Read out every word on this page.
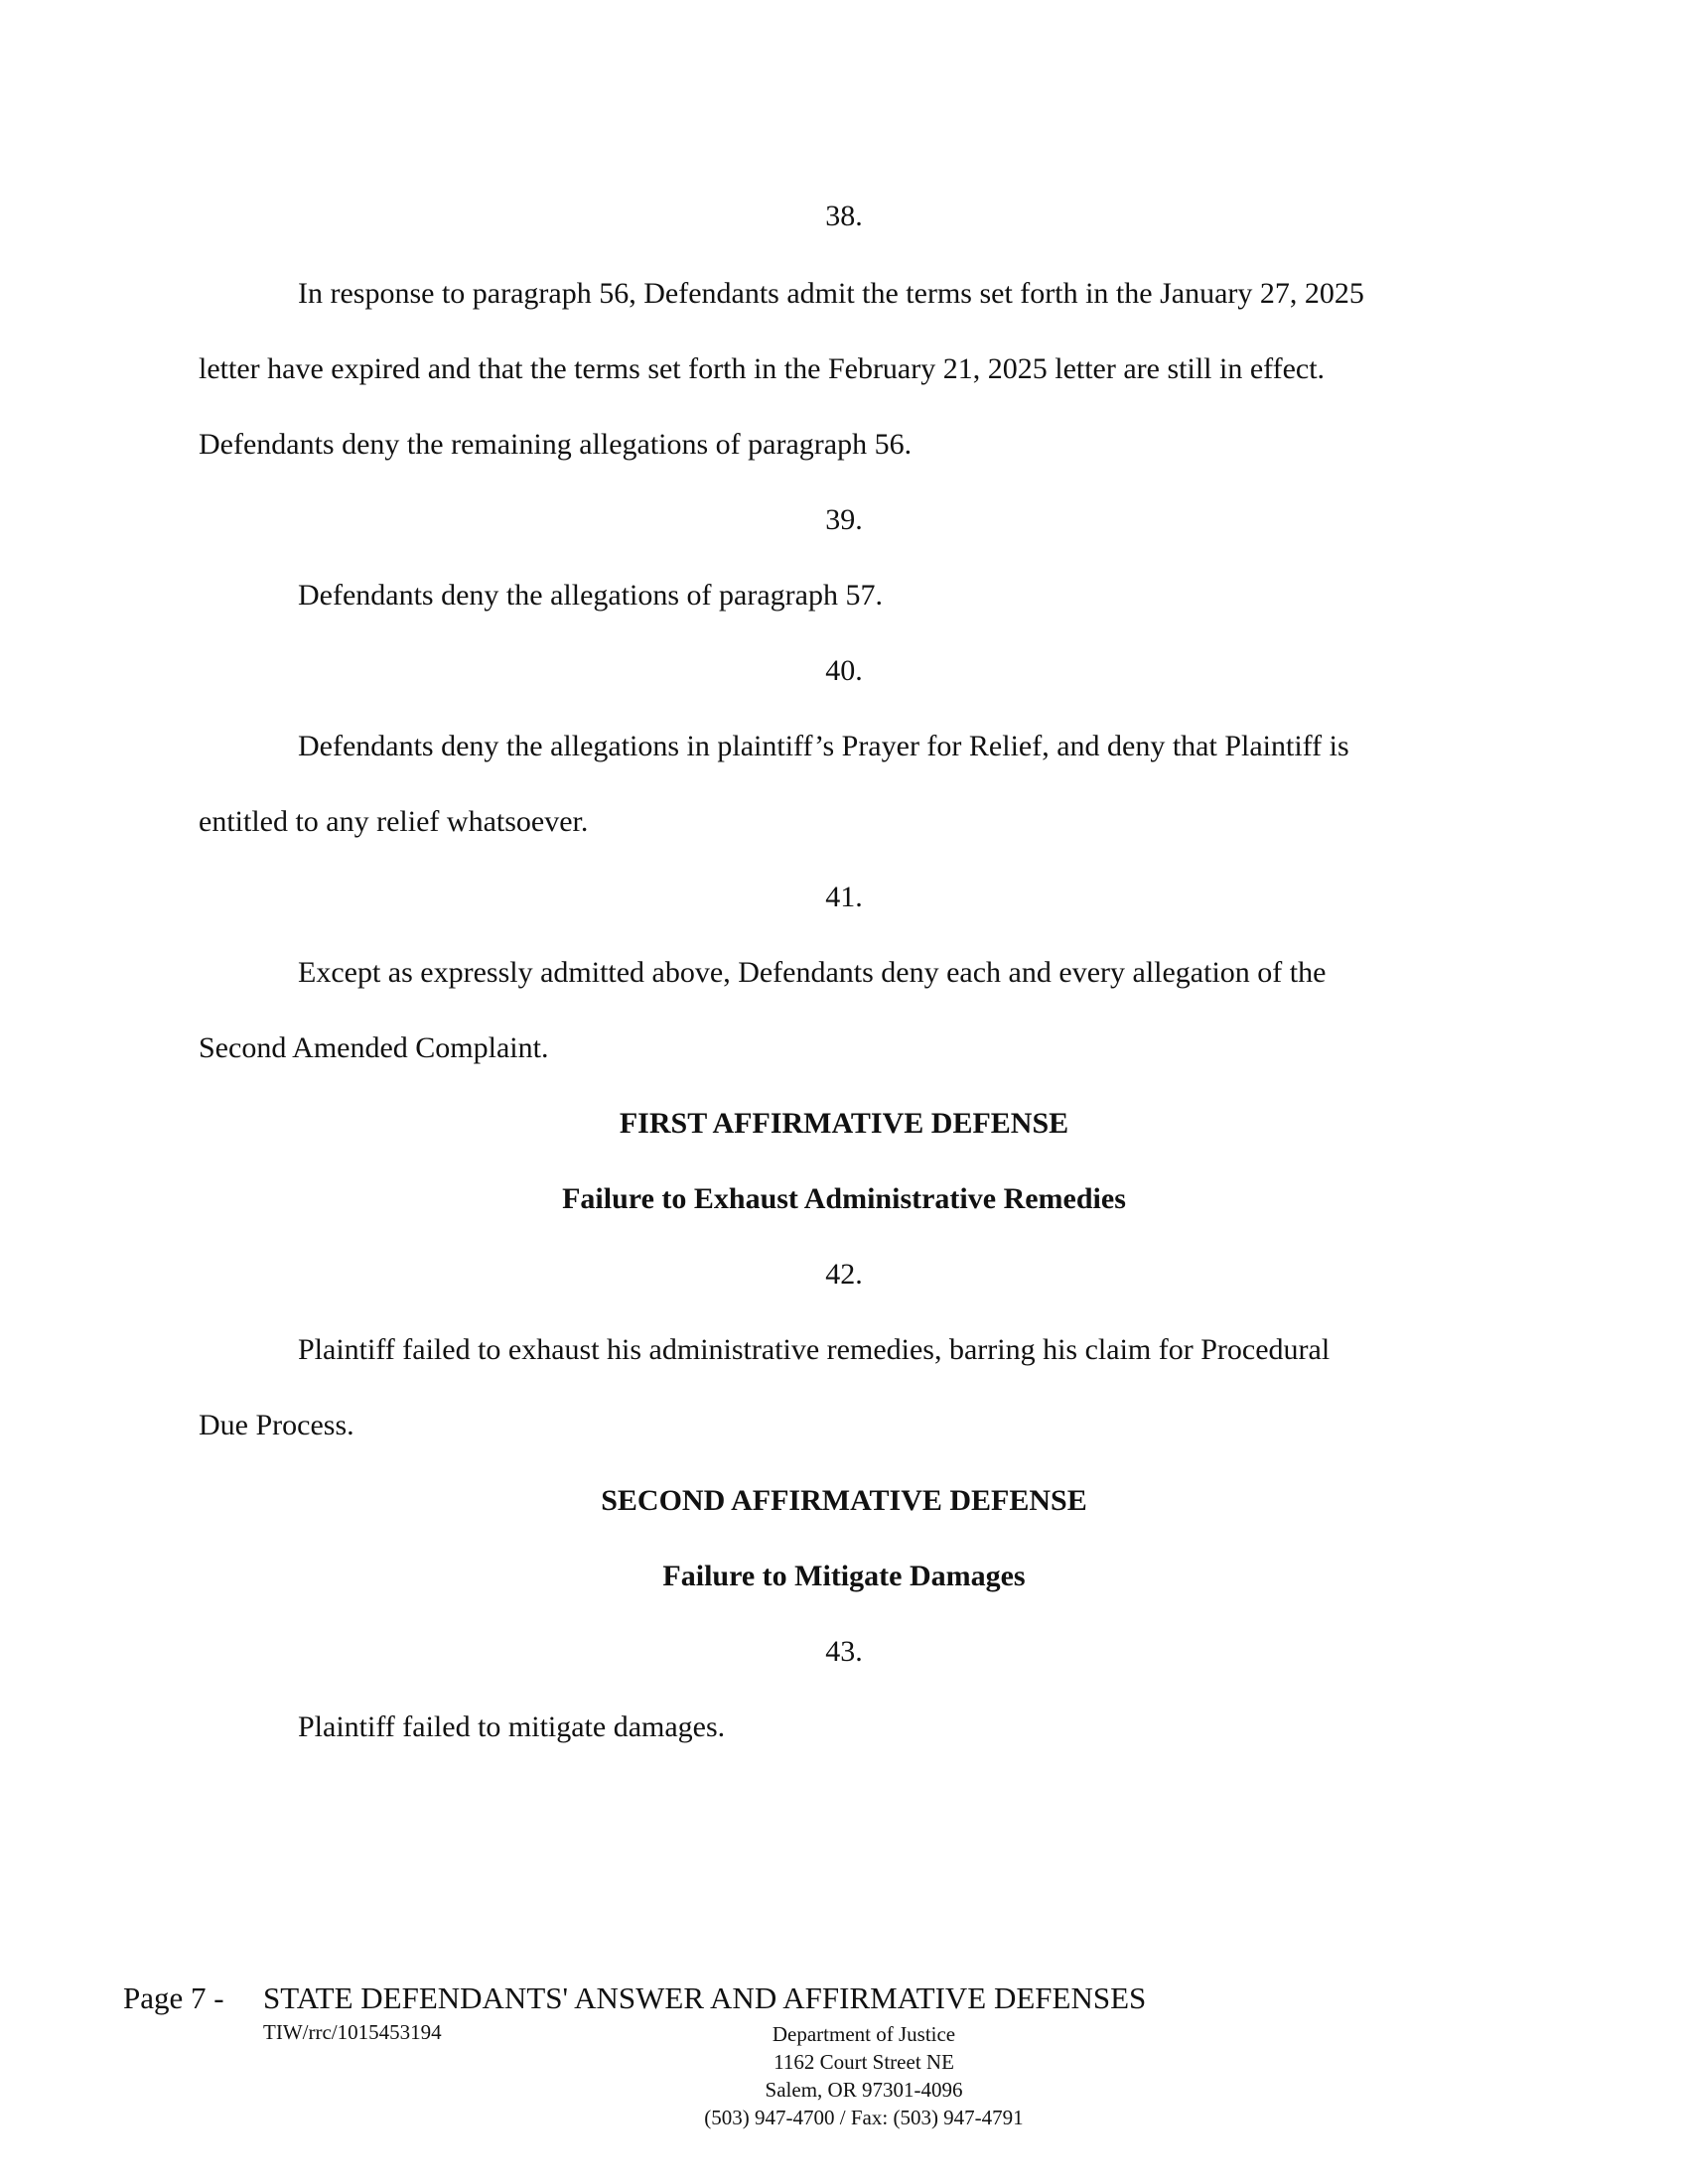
38.
In response to paragraph 56, Defendants admit the terms set forth in the January 27, 2025
letter have expired and that the terms set forth in the February 21, 2025 letter are still in effect.
Defendants deny the remaining allegations of paragraph 56.
39.
Defendants deny the allegations of paragraph 57.
40.
Defendants deny the allegations in plaintiff’s Prayer for Relief, and deny that Plaintiff is
entitled to any relief whatsoever.
41.
Except as expressly admitted above, Defendants deny each and every allegation of the
Second Amended Complaint.
FIRST AFFIRMATIVE DEFENSE
Failure to Exhaust Administrative Remedies
42.
Plaintiff failed to exhaust his administrative remedies, barring his claim for Procedural
Due Process.
SECOND AFFIRMATIVE DEFENSE
Failure to Mitigate Damages
43.
Plaintiff failed to mitigate damages.
Page 7 - STATE DEFENDANTS' ANSWER AND AFFIRMATIVE DEFENSES
TIW/rrc/1015453194	Department of Justice
1162 Court Street NE
Salem, OR 97301-4096
(503) 947-4700 / Fax: (503) 947-4791
